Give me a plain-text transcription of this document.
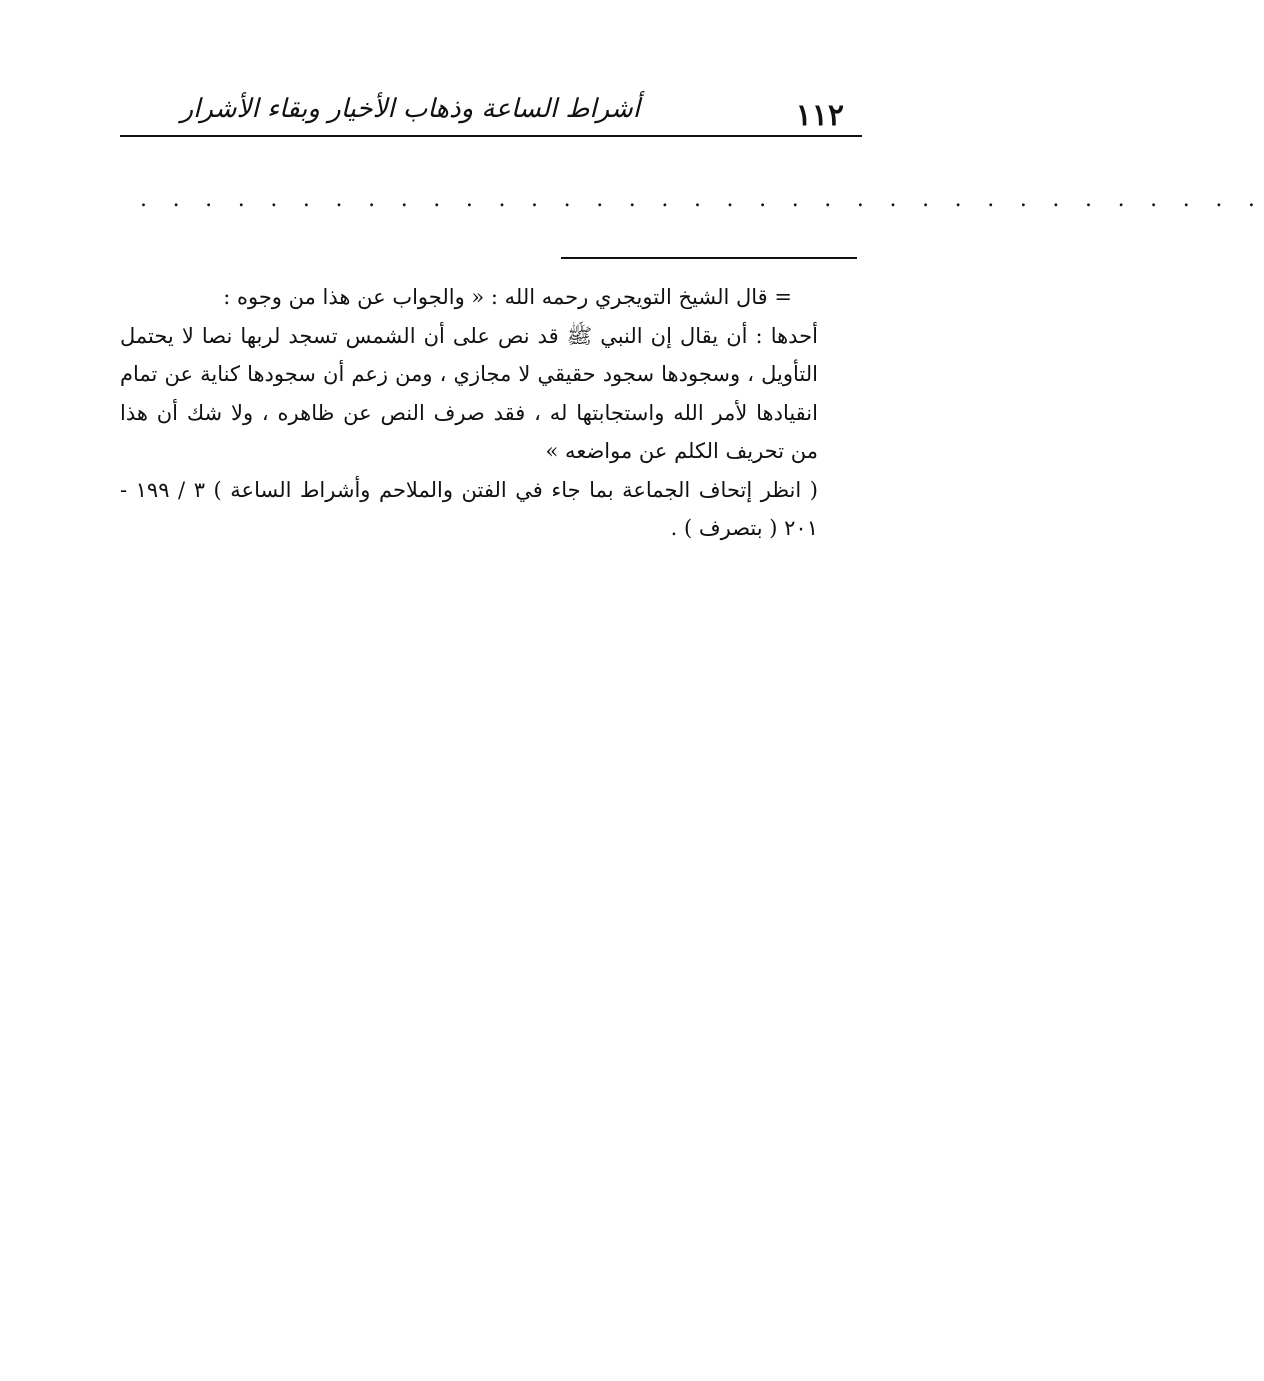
١١٢
أشراط الساعة وذهاب الأخيار وبقاء الأشرار
. . . . . . . . . . . . . . . . . . . . . . . . . . . . . . . . . . .

= قال الشيخ التويجري رحمه الله : « والجواب عن هذا من وجوه :

أحدها : أن يقال إن النبي ﷺ قد نص على أن الشمس تسجد لربها نصا لا يحتمل التأويل ، وسجودها سجود حقيقي لا مجازي ، ومن زعم أن سجودها كناية عن تمام انقيادها لأمر الله واستجابتها له ، فقد صرف النص عن ظاهره ، ولا شك أن هذا من تحريف الكلم عن مواضعه »

( انظر إتحاف الجماعة بما جاء في الفتن والملاحم وأشراط الساعة ) ٣ / ١٩٩ - ٢٠١ ( بتصرف ) .
